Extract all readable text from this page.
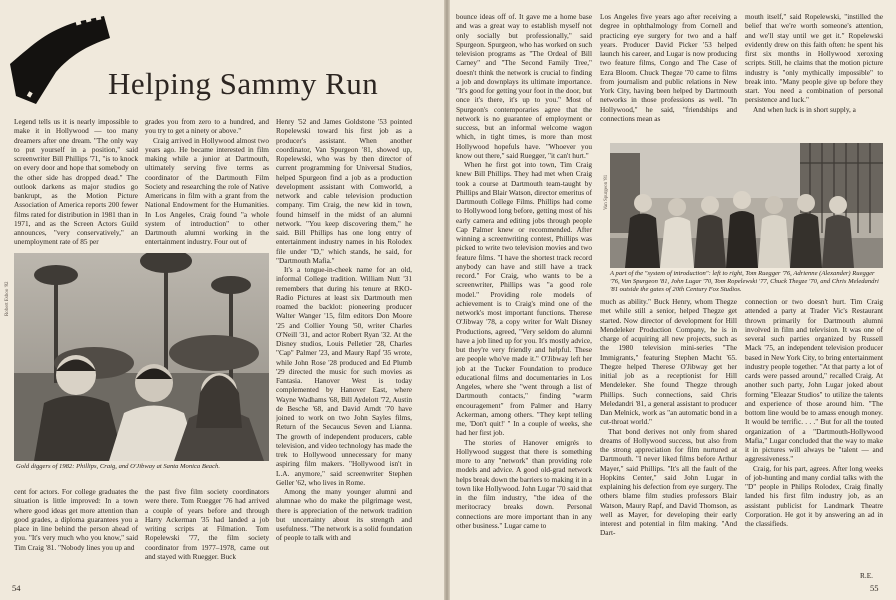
Helping Sammy Run

Legend tells us it is nearly impossible to make it in Hollywood — too many dreamers after one dream. "The only way to put yourself in a position," said screenwriter Bill Phillips '71, "is to knock on every door and hope that somebody on the other side has dropped dead." The outlook darkens as major studios go bankrupt, as the Motion Picture Association of America reports 200 fewer films rated for distribution in 1981 than in 1971, and as the Screen Actors Guild announces, "very conservatively," an unemployment rate of 85 per

grades you from zero to a hundred, and you try to get a ninety or above."

Craig arrived in Hollywood almost two years ago. He became interested in film making while a junior at Dartmouth, ultimately serving five terms as coordinator of the Dartmouth Film Society and researching the role of Native Americans in film with a grant from the National Endowment for the Humanities. In Los Angeles, Craig found "a whole system of introduction" to other Dartmouth alumni working in the entertainment industry. Four out of

Henry '52 and James Goldstone '53 pointed Ropelewski toward his first job as a producer's assistant. When another coordinator, Van Spurgeon '81, showed up, Ropelewski, who was by then director of current programming for Universal Studios, helped Spurgeon find a job as a production development assistant with Comworld, a network and cable television production company. Tim Craig, the new kid in town, found himself in the midst of an alumni network. "You keep discovering them," he said. Bill Phillips has one long entry of entertainment industry names in his Rolodex file under "D," which stands, he said, for "Dartmouth Mafia."

It's a tongue-in-cheek name for an old, informal College tradition. William Nutt '31 remembers that during his tenure at RKO-Radio Pictures at least six Dartmouth men roamed the backlot: pioneering producer Walter Wanger '15, film editors Don Moore '25 and Collier Young '50, writer Charles O'Neill '31, and actor Robert Ryan '32. At the Disney studios, Louis Pelletier '28, Charles "Cap" Palmer '23, and Maury Rapf '35 wrote, while John Rose '28 produced and Ed Plumb '29 directed the music for such movies as Fantasia. Hanover West is today complemented by Hanover East, where Wayne Wadhams '68, Bill Aydelott '72, Austin de Besche '68, and David Arndt '70 have joined to work on two John Sayles films, Return of the Secaucus Seven and Lianna. The growth of independent producers, cable television, and video technology has made the trek to Hollywood unnecessary for many aspiring film makers. "Hollywood isn't in L.A. anymore," said screenwriter Stephen Geller '62, who lives in Rome.

Among the many younger alumni and alumnae who do make the pilgrimage west, there is appreciation of the network tradition but uncertainty about its strength and usefulness. "The network is a solid foundation of people to talk with and

Robert Eshoo '82
Gold diggers of 1982: Phillips, Craig, and O'Jibway at Santa Monica Beach.

cent for actors. For college graduates the situation is little improved: In a town where good ideas get more attention than good grades, a diploma guarantees you a place in line behind the person ahead of you. "It's very much who you know," said Tim Craig '81. "Nobody lines you up and

the past five film society coordinators were there. Tom Ruegger '76 had arrived a couple of years before and through Harry Ackerman '35 had landed a job writing scripts at Filmation. Tom Ropelewski '77, the film society coordinator from 1977–1978, came out and stayed with Ruegger. Buck

54

bounce ideas off of. It gave me a home base and was a great way to establish myself not only socially but professionally," said Spurgeon. Spurgeon, who has worked on such television programs as "The Ordeal of Bill Carney" and "The Second Family Tree," doesn't think the network is crucial to finding a job and downplays its ultimate importance. "It's good for getting your foot in the door, but once it's there, it's up to you." Most of Spurgeon's contemporaries agree that the network is no guarantee of employment or success, but an informal welcome wagon which, in tight times, is more than most Hollywood hopefuls have. "Whoever you know out there," said Ruegger, "it can't hurt."

When he first got into town, Tim Craig knew Bill Phillips. They had met when Craig took a course at Dartmouth team-taught by Phillips and Blair Watson, director emeritus of Dartmouth College Films. Phillips had come to Hollywood long before, getting most of his early camera and editing jobs through people Cap Palmer knew or recommended. After winning a screenwriting contest, Phillips was picked to write two television movies and two feature films. "I have the shortest track record anybody can have and still have a track record." For Craig, who wants to be a screenwriter, Phillips was "a good role model." Providing role models of achievement is to Craig's mind one of the network's most important functions. Therese O'Jibway '78, a copy writer for Walt Disney Productions, agreed, "Very seldom do alumni have a job lined up for you. It's mostly advice, but they're very friendly and helpful. These are people who've made it." O'Jibway left her job at the Tucker Foundation to produce educational films and documentaries in Los Angeles, where she "went through a list of Dartmouth contacts," finding "warm encouragement" from Palmer and Harry Ackerman, among others. "They kept telling me, 'Don't quit!' " In a couple of weeks, she had her first job.

The stories of Hanover emigrés to Hollywood suggest that there is something more to any "network" than providing role models and advice. A good old-grad network helps break down the barriers to making it in a town like Hollywood. John Lugar '70 said that in the film industry, "the idea of the meritocracy breaks down. Personal connections are more important than in any other business." Lugar came to

Los Angeles five years ago after receiving a degree in ophthalmology from Cornell and practicing eye surgery for two and a half years. Producer David Picker '53 helped launch his career, and Lugar is now producing two feature films, Congo and The Case of Ezra Bloom. Chuck Thegze '70 came to films from journalism and public relations in New York City, having been helped by Dartmouth networks in those professions as well. "In Hollywood," he said, "friendships and connections mean as

mouth itself," said Ropelewski, "instilled the belief that we're worth someone's attention, and we'll stay until we get it." Ropelewski evidently drew on this faith often: he spent his first six months in Hollywood xeroxing scripts. Still, he claims that the motion picture industry is "only mythically impossible" to break into. "Many people give up before they start. You need a combination of personal persistence and luck."

And when luck is in short supply, a

Van Spurgeon '81
A part of the "system of introduction": left to right, Tom Ruegger '76, Adrienne (Alexander) Ruegger '76, Van Spurgeon '81, John Lugar '70, Tom Ropelewski '77, Chuck Thegze '70, and Chris Meledandri '81 outside the gates of 20th Century Fox Studios.

much as ability." Buck Henry, whom Thegze met while still a senior, helped Thegze get started. Now director of development for Hill Mendeleker Production Company, he is in charge of acquiring all new projects, such as the 1980 television mini-series "The Immigrants," featuring Stephen Macht '65. Thegze helped Therese O'Jibway get her initial job as a receptionist for Hill Mendeleker. She found Thegze through Phillips. Such connections, said Chris Meledandri '81, a general assistant to producer Dan Melnick, work as "an automatic bond in a cut-throat world."

That bond derives not only from shared dreams of Hollywood success, but also from the strong appreciation for film nurtured at Dartmouth. "I never liked films before Arthur Mayer," said Phillips. "It's all the fault of the Hopkins Center," said John Lugar in explaining his defection from eye surgery. The others blame film studies professors Blair Watson, Maury Rapf, and David Thomson, as well as Mayer, for developing their early interest and potential in film making. "And Dart-

connection or two doesn't hurt. Tim Craig attended a party at Trader Vic's Restaurant thrown primarily for Dartmouth alumni involved in film and television. It was one of several such parties organized by Russell Mack '75, an independent television producer based in New York City, to bring entertainment industry people together. "At that party a lot of cards were passed around," recalled Craig. At another such party, John Lugar joked about forming "Eleazar Studios" to utilize the talents and experience of those around him. "The bottom line would be to amass enough money. It would be terrific. . . ." But for all the touted organization of a "Dartmouth-Hollywood Mafia," Lugar concluded that the way to make it in pictures will always be "talent — and aggressiveness."

Craig, for his part, agrees. After long weeks of job-hunting and many cordial talks with the "D" people in Philips Rolodex, Craig finally landed his first film industry job, as an assistant publicist for Landmark Theatre Corporation. He got it by answering an ad in the classifieds.

R.E.
55
